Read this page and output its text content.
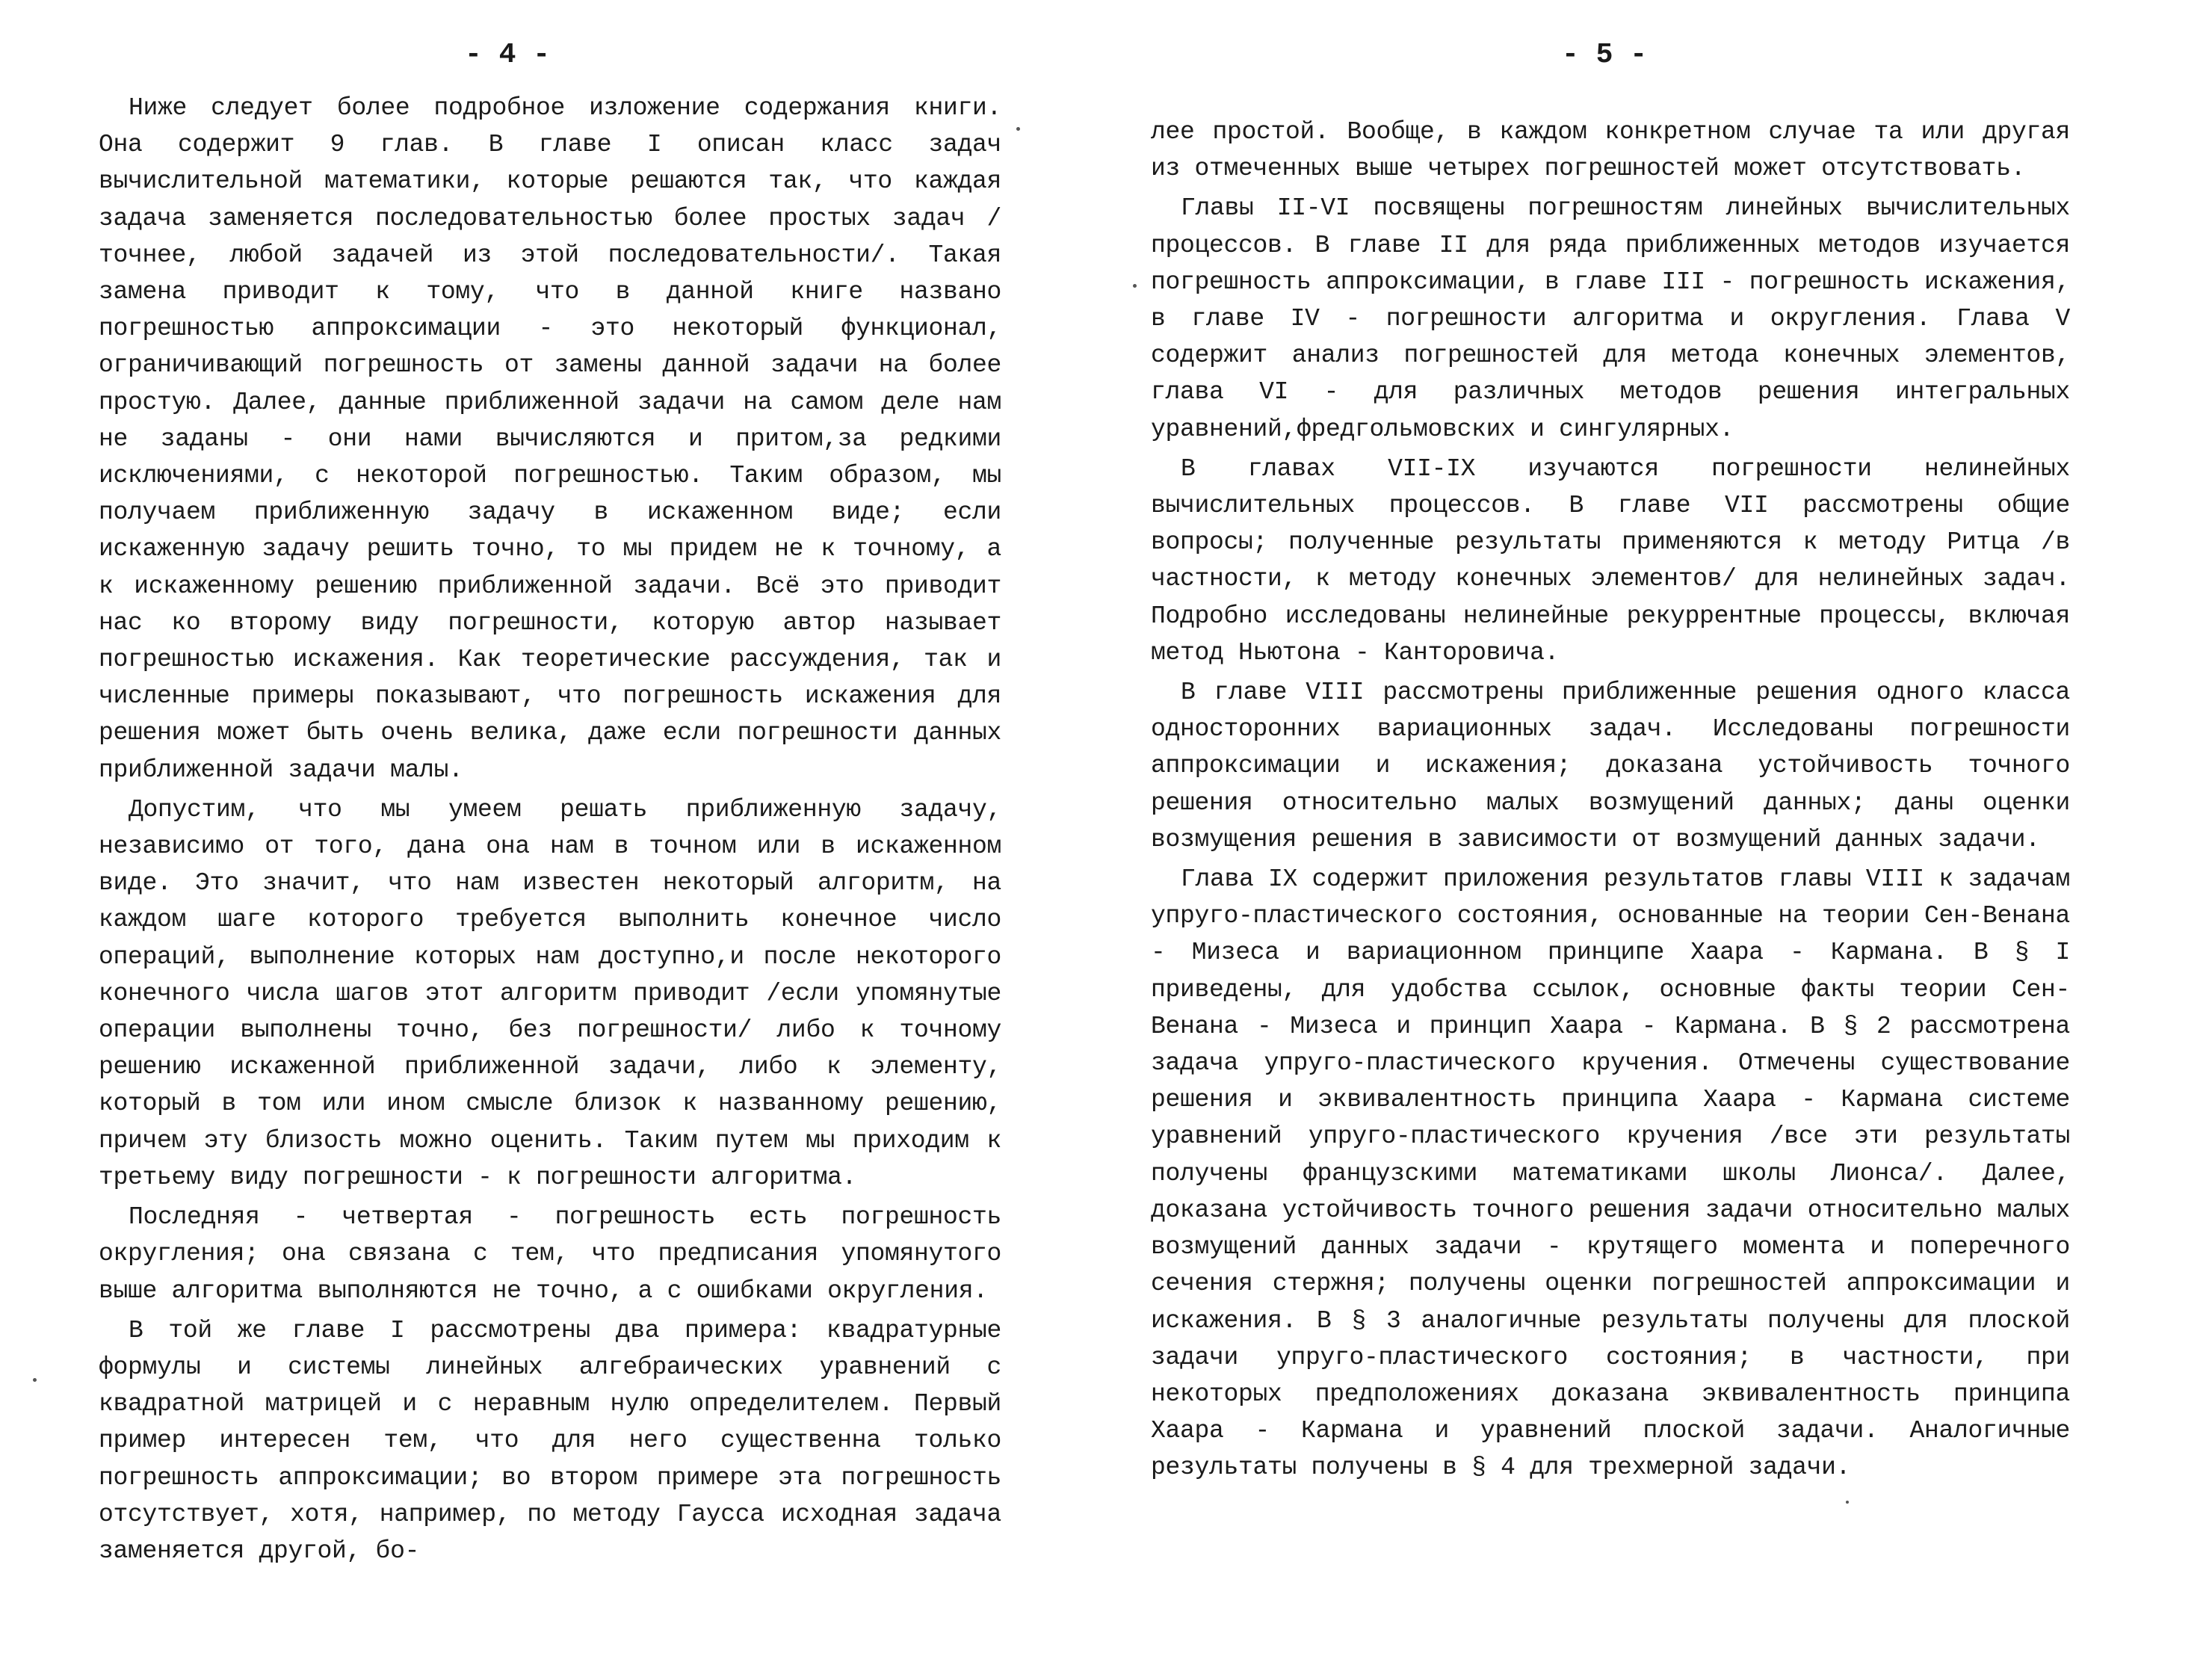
- 4 -

Ниже следует более подробное изложение содержания книги. Она содержит 9 глав. В главе I описан класс задач вычислительной математики, которые решаются так, что каждая задача заменяется последовательностью более простых задач /точнее, любой задачей из этой последовательности/. Такая замена приводит к тому, что в данной книге названо погрешностью аппроксимации - это некоторый функционал, ограничивающий погрешность от замены данной задачи на более простую. Далее, данные приближенной задачи на самом деле нам не заданы - они нами вычисляются и притом,за редкими исключениями, с некоторой погрешностью. Таким образом, мы получаем приближенную задачу в искаженном виде; если искаженную задачу решить точно, то мы придем не к точному, а к искаженному решению приближенной задачи. Всё это приводит нас ко второму виду погрешности, которую автор называет погрешностью искажения. Как теоретические рассуждения, так и численные примеры показывают, что погрешность искажения для решения может быть очень велика, даже если погрешности данных приближенной задачи малы.

Допустим, что мы умеем решать приближенную задачу, независимо от того, дана она нам в точном или в искаженном виде. Это значит, что нам известен некоторый алгоритм, на каждом шаге которого требуется выполнить конечное число операций, выполнение которых нам доступно,и после некоторого конечного числа шагов этот алгоритм приводит /если упомянутые операции выполнены точно, без погрешности/ либо к точному решению искаженной приближенной задачи, либо к элементу, который в том или ином смысле близок к названному решению, причем эту близость можно оценить. Таким путем мы приходим к третьему виду погрешности - к погрешности алгоритма.

Последняя - четвертая - погрешность есть погрешность округления; она связана с тем, что предписания упомянутого выше алгоритма выполняются не точно, а с ошибками округления.

В той же главе I рассмотрены два примера: квадратурные формулы и системы линейных алгебраических уравнений с квадратной матрицей и с неравным нулю определителем. Первый пример интересен тем, что для него существенна только погрешность аппроксимации; во втором примере эта погрешность отсутствует, хотя, например, по методу Гаусса исходная задача заменяется другой, бо-

- 5 -

лее простой. Вообще, в каждом конкретном случае та или другая из отмеченных выше четырех погрешностей может отсутствовать.

Главы II-VI посвящены погрешностям линейных вычислительных процессов. В главе II для ряда приближенных методов изучается погрешность аппроксимации, в главе III - погрешность искажения, в главе IV - погрешности алгоритма и округления. Глава V содержит анализ погрешностей для метода конечных элементов, глава VI - для различных методов решения интегральных уравнений,фредгольмовских и сингулярных.

В главах VII-IX изучаются погрешности нелинейных вычислительных процессов. В главе VII рассмотрены общие вопросы; полученные результаты применяются к методу Ритца /в частности, к методу конечных элементов/ для нелинейных задач. Подробно исследованы нелинейные рекуррентные процессы, включая метод Ньютона - Канторовича.

В главе VIII рассмотрены приближенные решения одного класса односторонних вариационных задач. Исследованы погрешности аппроксимации и искажения; доказана устойчивость точного решения относительно малых возмущений данных; даны оценки возмущения решения в зависимости от возмущений данных задачи.

Глава IX содержит приложения результатов главы VIII к задачам упруго-пластического состояния, основанные на теории Сен-Венана - Мизеса и вариационном принципе Хаара - Кармана. В § I приведены, для удобства ссылок, основные факты теории Сен-Венана - Мизеса и принцип Хаара - Кармана. В § 2 рассмотрена задача упруго-пластического кручения. Отмечены существование решения и эквивалентность принципа Хаара - Кармана системе уравнений упруго-пластического кручения /все эти результаты получены французскими математиками школы Лионса/. Далее, доказана устойчивость точного решения задачи относительно малых возмущений данных задачи - крутящего момента и поперечного сечения стержня; получены оценки погрешностей аппроксимации и искажения. В § 3 аналогичные результаты получены для плоской задачи упруго-пластического состояния; в частности, при некоторых предположениях доказана эквивалентность принципа Хаара - Кармана и уравнений плоской задачи. Аналогичные результаты получены в § 4 для трехмерной задачи.
